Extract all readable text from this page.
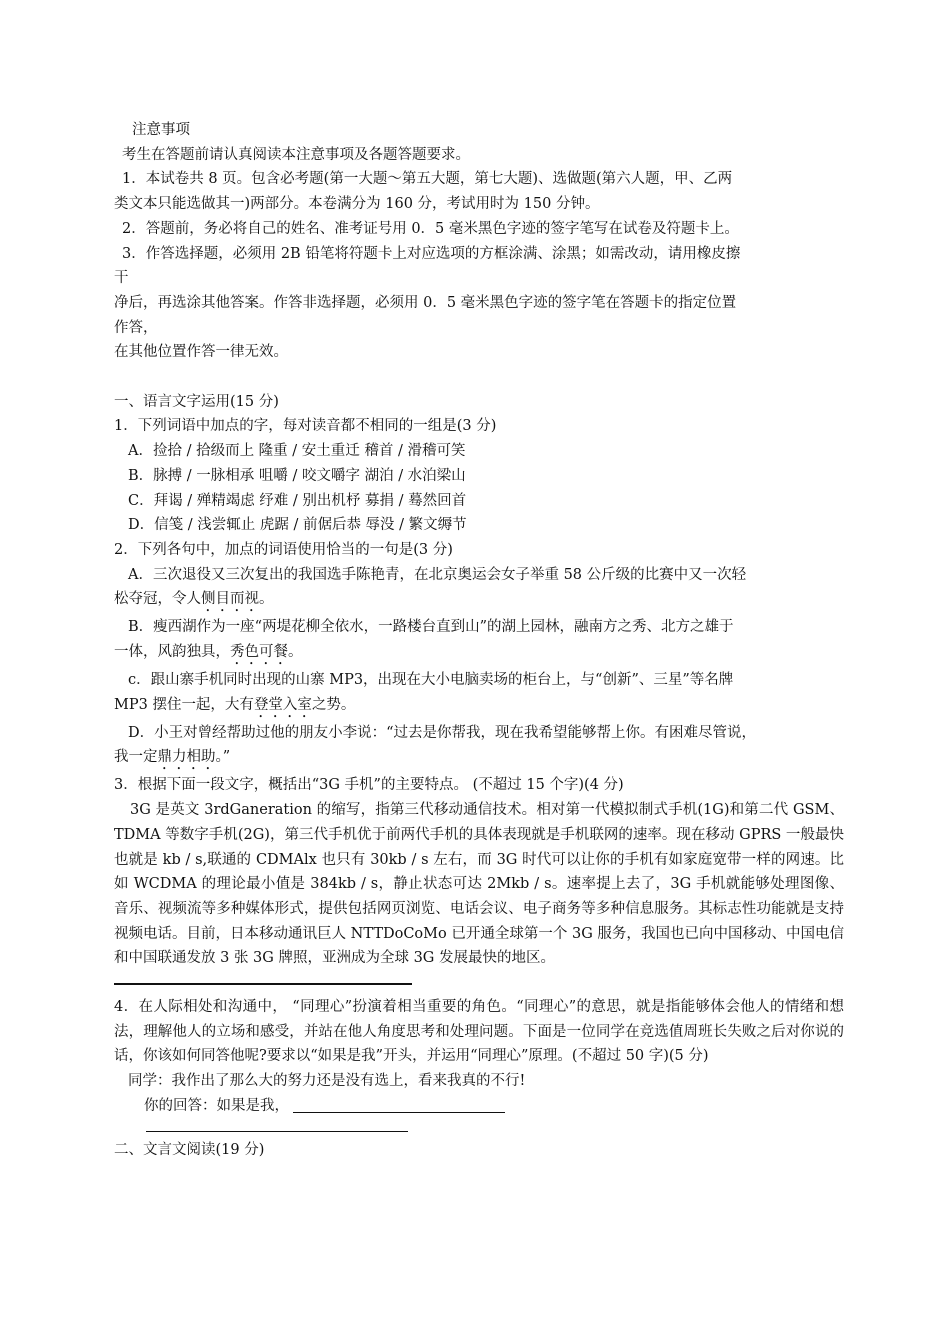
注意事项

考生在答题前请认真阅读本注意事项及各题答题要求。

1．本试卷共 8 页。包含必考题(第一大题～第五大题，第七大题)、选做题(第六人题，甲、乙两

类文本只能选做其一)两部分。本卷满分为 160 分，考试用时为 150 分钟。

2．答题前，务必将自己的姓名、准考证号用 0．5 毫米黑色字迹的签字笔写在试卷及符题卡上。

3．作答选择题，必须用 2B 铅笔将符题卡上对应选项的方框涂满、涂黑；如需改动，请用橡皮擦

干

净后，再选涂其他答案。作答非选择题，必须用 0．5 毫米黑色字迹的签字笔在答题卡的指定位置

作答，

在其他位置作答一律无效。

一、语言文字运用(15 分)

1．下列词语中加点的字，每对读音都不相同的一组是(3 分)

A．捡拾 / 拾级而上 隆重 / 安土重迁 稽首 / 滑稽可笑

B．脉搏 / 一脉相承 咀嚼 / 咬文嚼字 湖泊 / 水泊梁山

C．拜谒 / 殚精竭虑 纾难 / 别出机杼 募捐 / 蓦然回首

D．信笺 / 浅尝辄止 虎踞 / 前倨后恭 辱没 / 繁文缛节

2．下列各句中，加点的词语使用恰当的一句是(3 分)

A．三次退役又三次复出的我国选手陈艳青，在北京奥运会女子举重 58 公斤级的比赛中又一次轻

松夺冠，令人侧目而视。

B．瘦西湖作为一座“两堤花柳全依水，一路楼台直到山”的湖上园林，融南方之秀、北方之雄于

一体，风韵独具，秀色可餐。

c．跟山寨手机同时出现的山寨 MP3，出现在大小电脑卖场的柜台上，与“创新”、三星”等名牌

MP3 摆住一起，大有登堂入室之势。

D．小王对曾经帮助过他的朋友小李说：“过去是你帮我，现在我希望能够帮上你。有困难尽管说，

我一定鼎力相助。”

3．根据下面一段文字，概括出“3G 手机”的主要特点。 (不超过 15 个字)(4 分)

3G 是英文 3rdGaneration 的缩写，指第三代移动通信技术。相对第一代模拟制式手机(1G)和第二代 GSM、TDMA 等数字手机(2G)，第三代手机优于前两代手机的具体表现就是手机联网的速率。现在移动 GPRS 一般最快也就是 kb / s,联通的 CDMAlx 也只有 30kb / s 左右，而 3G 时代可以让你的手机有如家庭宽带一样的网速。比如 WCDMA 的理论最小值是 384kb / s，静止状态可达 2Mkb / s。速率提上去了，3G 手机就能够处理图像、音乐、视频流等多种媒体形式，提供包括网页浏览、电话会议、电子商务等多种信息服务。其标志性功能就是支持视频电话。目前，日本移动通讯巨人 NTTDoCoMo 已开通全球第一个 3G 服务，我国也已向中国移动、中国电信和中国联通发放 3 张 3G 牌照，亚洲成为全球 3G 发展最快的地区。

4．在人际相处和沟通中， “同理心”扮演着相当重要的角色。“同理心”的意思，就是指能够体会他人的情绪和想法，理解他人的立场和感受，并站在他人角度思考和处理问题。下面是一位同学在竞选值周班长失败之后对你说的话，你该如何同答他呢?要求以“如果是我”开头，并运用“同理心”原理。(不超过 50 字)(5 分)

同学：我作出了那么大的努力还是没有选上，看来我真的不行!

你的回答：如果是我，

二、文言文阅读(19 分)
